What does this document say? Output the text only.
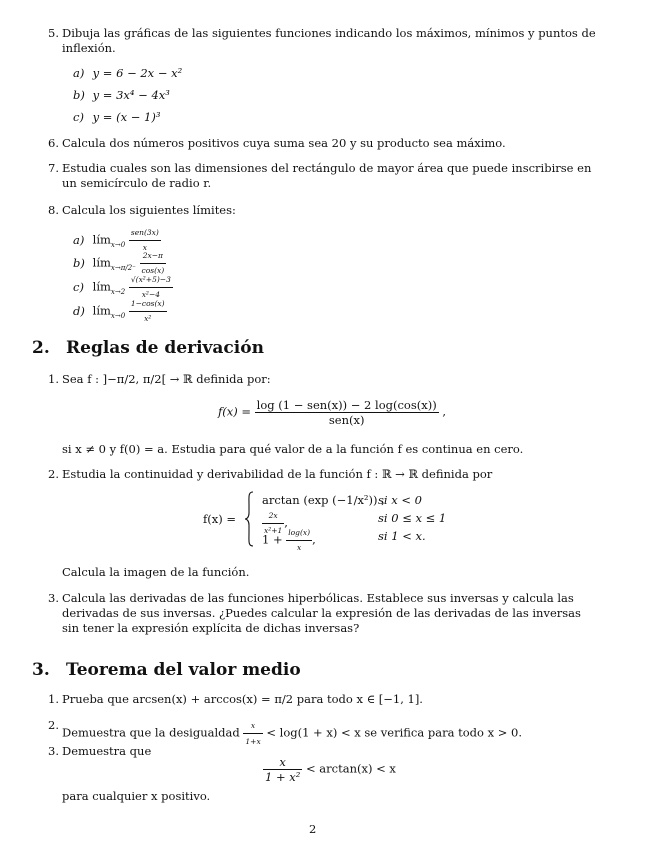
5. Dibuja las gráficas de las siguientes funciones indicando los máximos, mínimos y puntos de inflexión.
a) y = 6 − 2x − x²
b) y = 3x⁴ − 4x³
c) y = (x − 1)³
6. Calcula dos números positivos cuya suma sea 20 y su producto sea máximo.
7. Estudia cuales son las dimensiones del rectángulo de mayor área que puede inscribirse en un semicírculo de radio r.
8. Calcula los siguientes límites:
a) lím$_{x\to 0}$ $\frac{\text{sen(3x)}}{x}$
b) lím$_{x\to\pi/2^-}$ $\frac{2x-\pi}{\cos(x)}$
c) lím$_{x\to 2}$ $\frac{\text{√(x²+5)−3}}{\text{x²−4}}$
d) lím$_{x\to 0}$ $\frac{1-\cos(x)}{\text{x²}}$
2. Reglas de derivación
1. Sea f : ]−π/2, π/2[ → ℝ definida por:
$f(x) = \frac{\text{log (1 − sen(x)) − 2 log(cos(x))}}{\text{sen(x)}}$ ,
si x ≠ 0 y f(0) = a. Estudia para qué valor de a la función f es continua en cero.
2. Estudia la continuidad y derivabilidad de la función f : ℝ → ℝ definida por
f(x) =
arctan (exp (−1/x²)) ,
si x < 0
$\frac{2x}{\text{x²+1}}$ ,	si 0 ≤ x ≤ 1
$1 + \frac{\log(x)}{x}$ ,	si 1 < x.
Calcula la imagen de la función.
3. Calcula las derivadas de las funciones hiperbólicas. Establece sus inversas y calcula las derivadas de sus inversas. ¿Puedes calcular la expresión de las derivadas de las inversas sin tener la expresión explícita de dichas inversas?
3. Teorema del valor medio
1. Prueba que arcsen(x) + arccos(x) = π/2 para todo x ∈ [−1, 1].
2.
Demuestra que la desigualdad $\frac{x}{1+x} < \log(1 + x) < x$ se verifica para todo x > 0.
3. Demuestra que
$\frac{x}{\text{1 + x²}} < \arctan(x) < x$
para cualquier x positivo.
2
